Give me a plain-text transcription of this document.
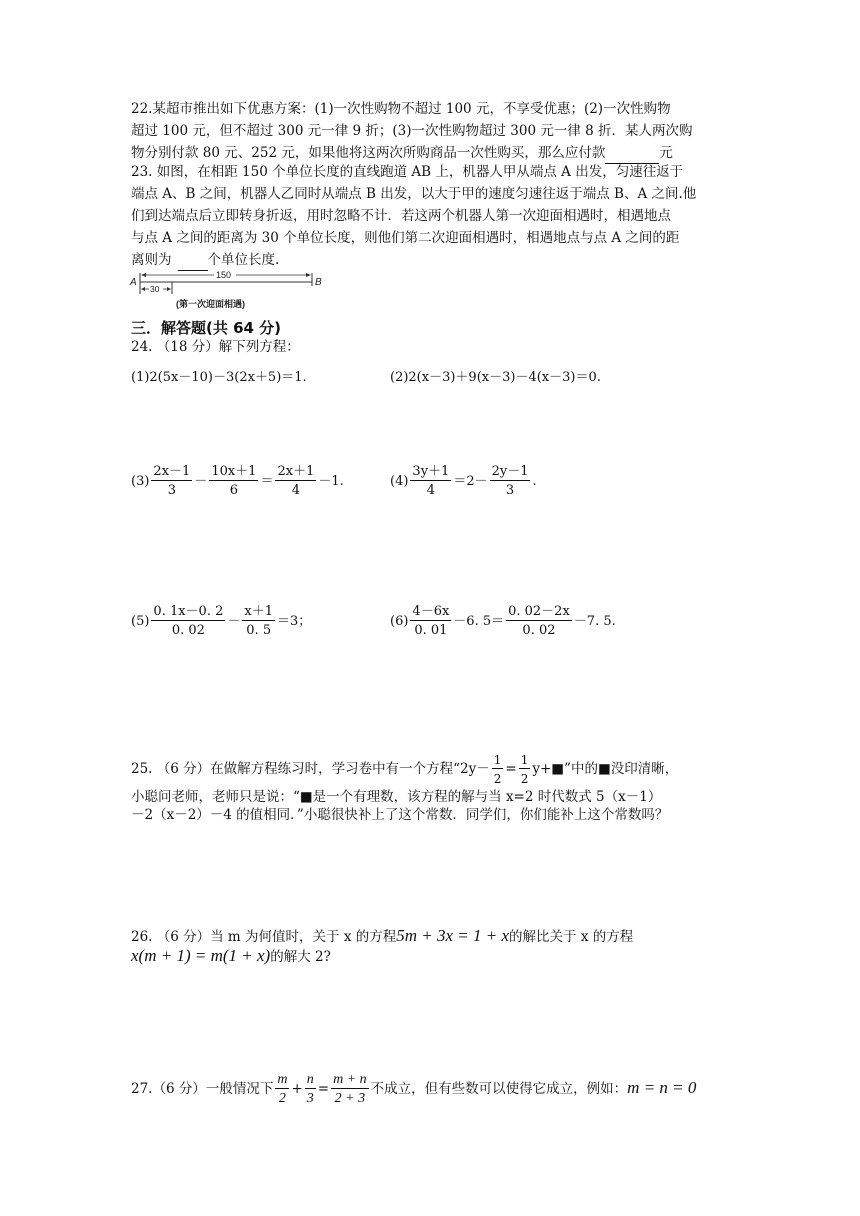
22.某超市推出如下优惠方案：(1)一次性购物不超过 100 元，不享受优惠；(2)一次性购物
超过 100 元，但不超过 300 元一律 9 折；(3)一次性购物超过 300 元一律 8 折．某人两次购
物分别付款 80 元、252 元，如果他将这两次所购商品一次性购买，那么应付款	元
23. 如图，在相距 150 个单位长度的直线跑道 AB 上，机器人甲从端点 A 出发，匀速往返于
端点 A、B 之间，机器人乙同时从端点 B 出发，以大于甲的速度匀速往返于端点 B、A 之间.他
们到达端点后立即转身折返，用时忽略不计．若这两个机器人第一次迎面相遇时，相遇地点
与点 A 之间的距离为 30 个单位长度，则他们第二次迎面相遇时，相遇地点与点 A 之间的距
离则为	个单位长度.
A	B
150
30
(第一次迎面相遇)
三．解答题(共 64 分)
24. （18 分）解下列方程：
(1)2(5x－10)－3(2x＋5)＝1.	(2)2(x－3)＋9(x－3)－4(x－3)＝0.
$(3) \frac{2x-1}{3} - \frac{10x+1}{6} = \frac{2x+1}{4} -1$.	$(4) \frac{3y+1}{4} =2- \frac{2y-1}{3}$ .
$(5) \frac{0. 1x-0. 2}{0. 02} - \frac{x+1}{0. 5} =3$；	$(6) \frac{4-6x}{0. 01} -6$. $5= \frac{0. 02-2x}{0. 02} -7$. 5.
25. （6 分）在做解方程练习时，学习卷中有一个方程“$2y- \frac{1}{2} = \frac{1}{2}$ y+■”中的■没印清晰，
小聪问老师，老师只是说：“■是一个有理数，该方程的解与当 x=2 时代数式 5（x－1）
－2（x－2）－4 的值相同．”小聪很快补上了这个常数．同学们，你们能补上这个常数吗？
26. （6 分）当 m 为何值时，关于 x 的方程5m + 3x = 1 + x的解比关于 x 的方程
x(m + 1) = m(1 + x)的解大 2?
27.（6 分）一般情况下 $\frac{m}{2} + \frac{n}{3} = \frac{m + n}{2 + 3}$ 不成立，但有些数可以使得它成立，例如：m = n = 0
